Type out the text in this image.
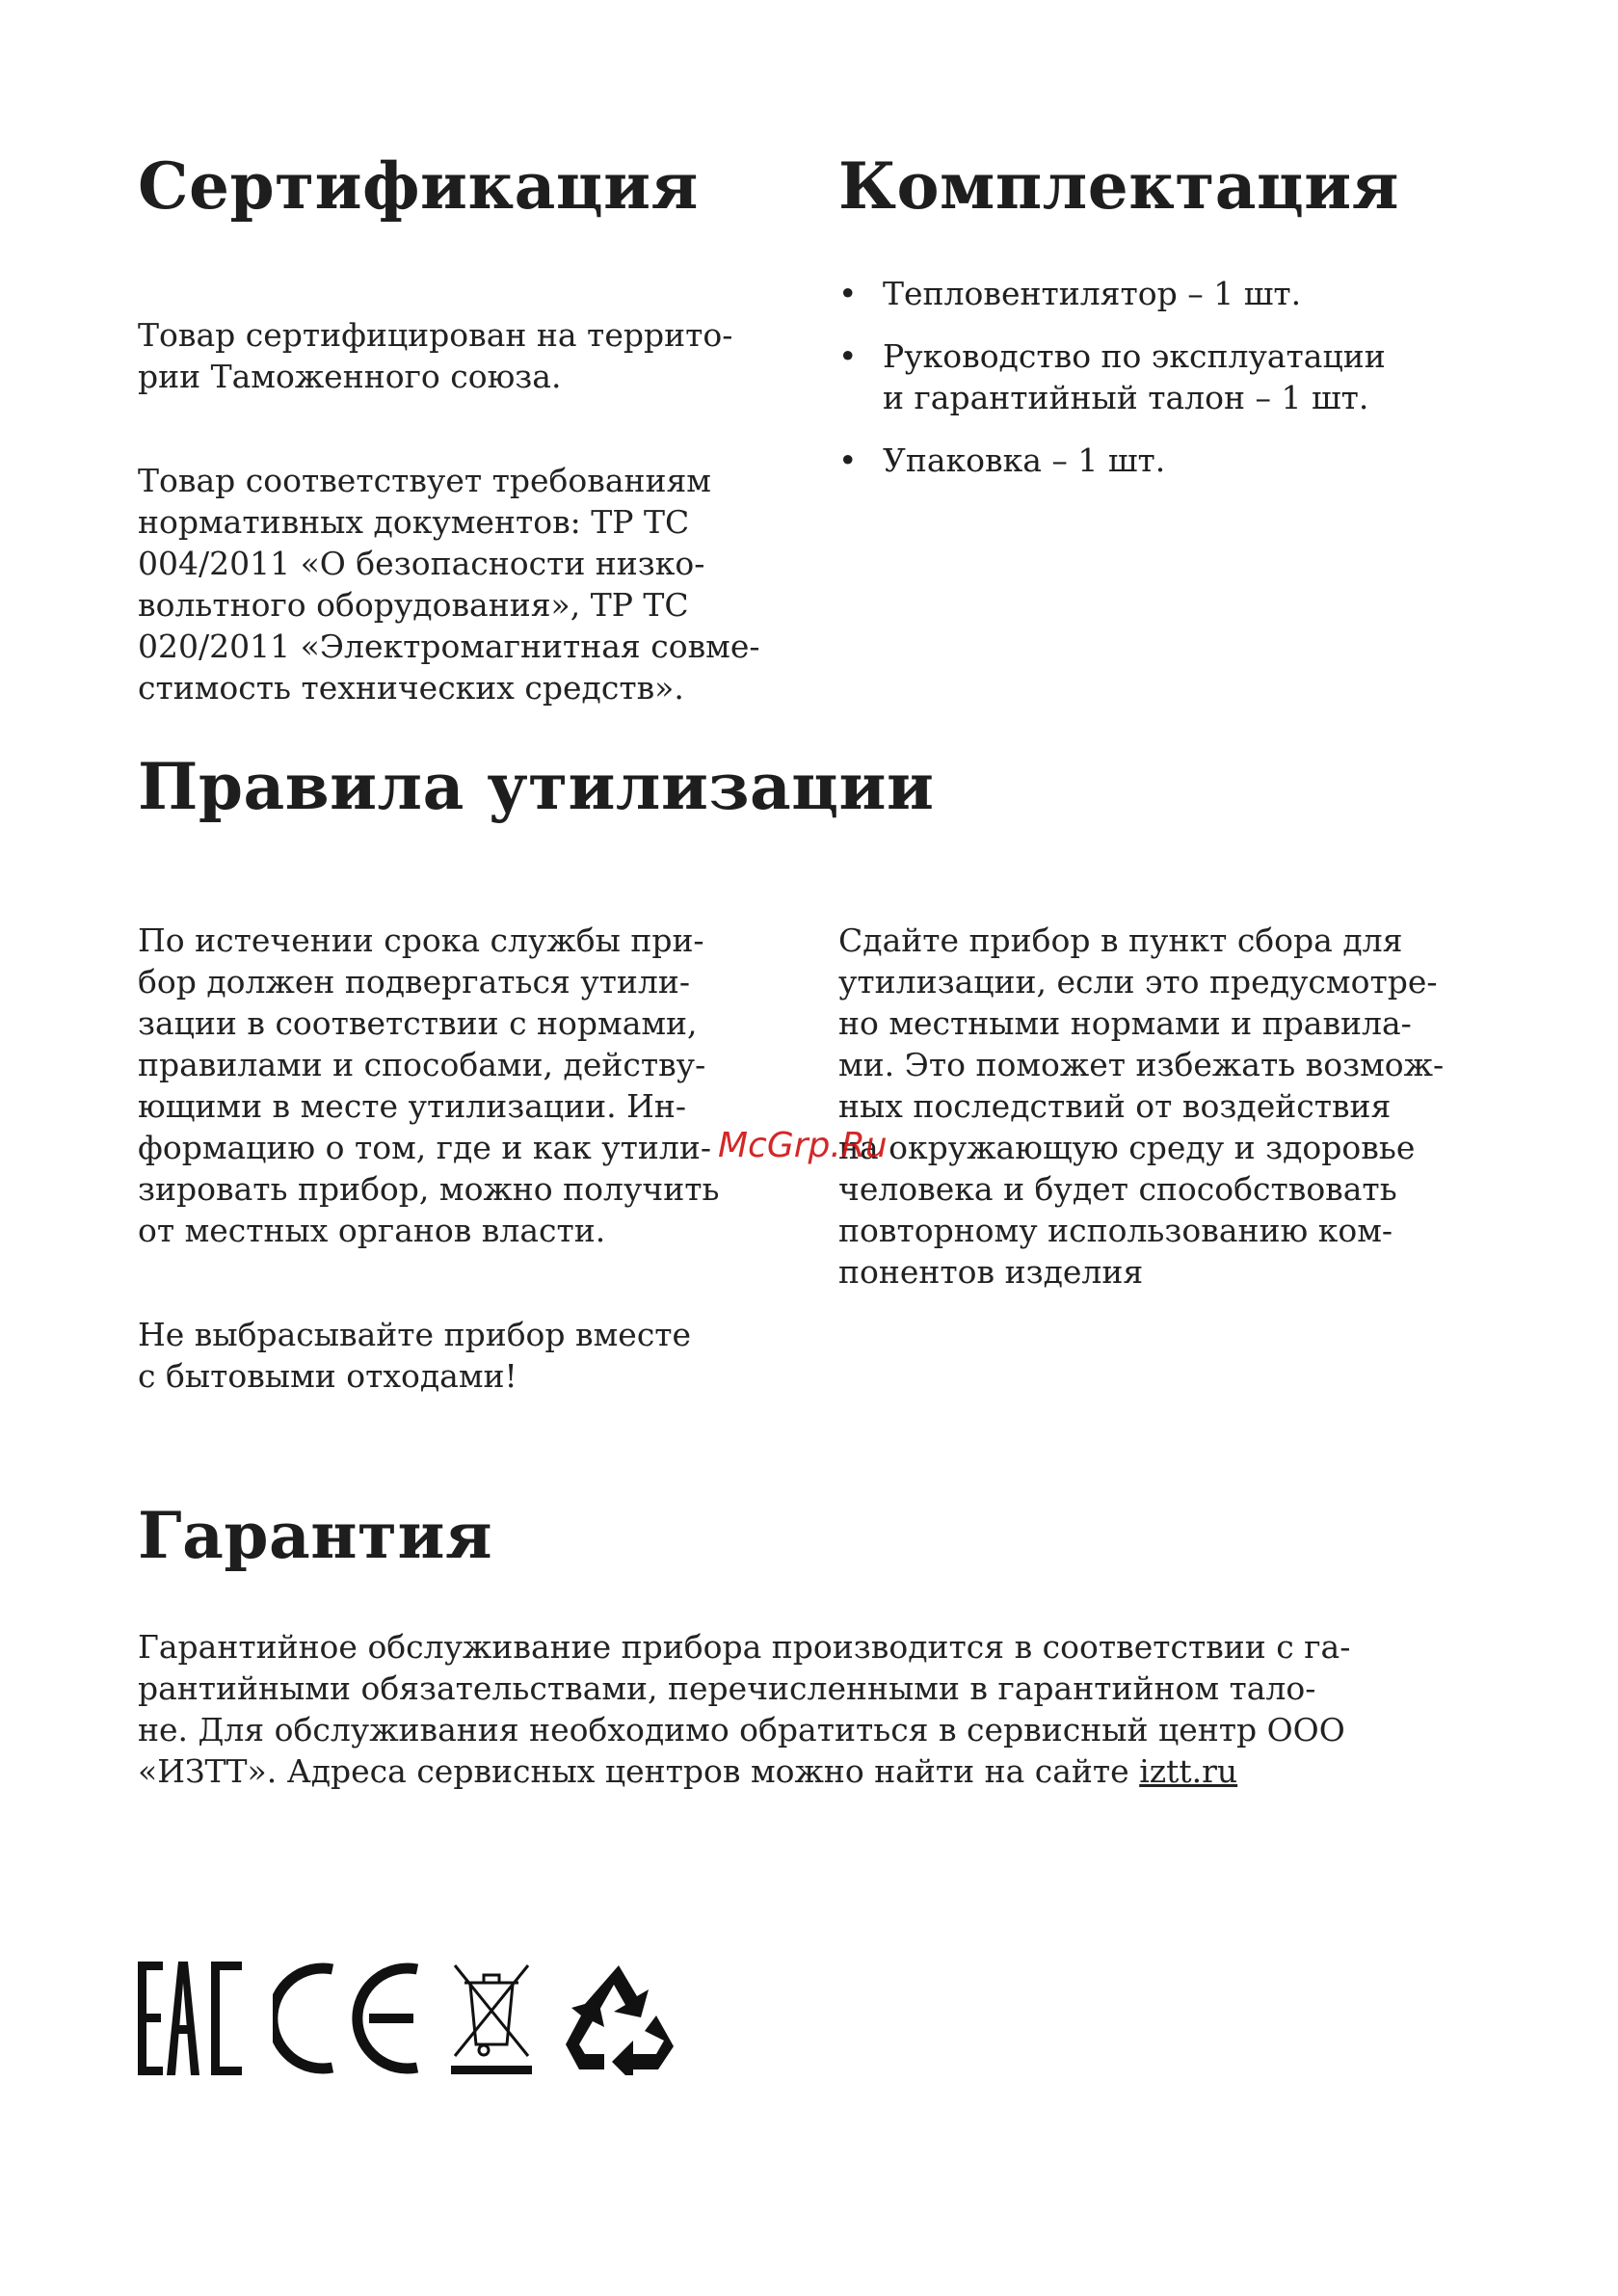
Сертификация

Товар сертифицирован на террито-
рии Таможенного союза.

Товар соответствует требованиям
нормативных документов: ТР ТС
004/2011 «О безопасности низко-
вольтного оборудования», ТР ТС
020/2011 «Электромагнитная совме-
стимость технических средств».

Комплектация
• Тепловентилятор – 1 шт.
• Руководство по эксплуатации
и гарантийный талон – 1 шт.
• Упаковка – 1 шт.
Правила утилизации

По истечении срока службы при-
бор должен подвергаться утили-
зации в соответствии с нормами,
правилами и способами, действу-
ющими в месте утилизации. Ин-
формацию о том, где и как утили-
зировать прибор, можно получить
от местных органов власти.

Не выбрасывайте прибор вместе
с бытовыми отходами!

Сдайте прибор в пункт сбора для
утилизации, если это предусмотре-
но местными нормами и правила-
ми. Это поможет избежать возмож-
ных последствий от воздействия
на окружающую среду и здоровье
человека и будет способствовать
повторному использованию ком-
понентов изделия

McGrp.Ru
Гарантия

Гарантийное обслуживание прибора производится в соответствии с га-
рантийными обязательствами, перечисленными в гарантийном тало-
не. Для обслуживания необходимо обратиться в сервисный центр ООО
«ИЗТТ». Адреса сервисных центров можно найти на сайте iztt.ru
